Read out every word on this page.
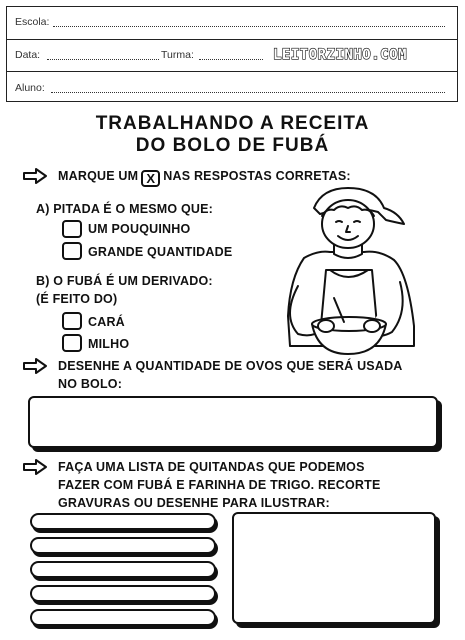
Escola:
Data:	Turma:	LEITORZINHO.COM
Aluno:
TRABALHANDO A RECEITA
DO BOLO DE FUBÁ
MARQUE UM X NAS RESPOSTAS CORRETAS:
A) PITADA É O MESMO QUE:
UM POUQUINHO
GRANDE QUANTIDADE
B) O FUBÁ É UM DERIVADO:
(É FEITO DO)
CARÁ
MILHO
DESENHE A QUANTIDADE DE OVOS QUE SERÁ USADA
NO BOLO:
FAÇA UMA LISTA DE QUITANDAS QUE PODEMOS
FAZER COM FUBÁ E FARINHA DE TRIGO. RECORTE
GRAVURAS OU DESENHE PARA ILUSTRAR:
